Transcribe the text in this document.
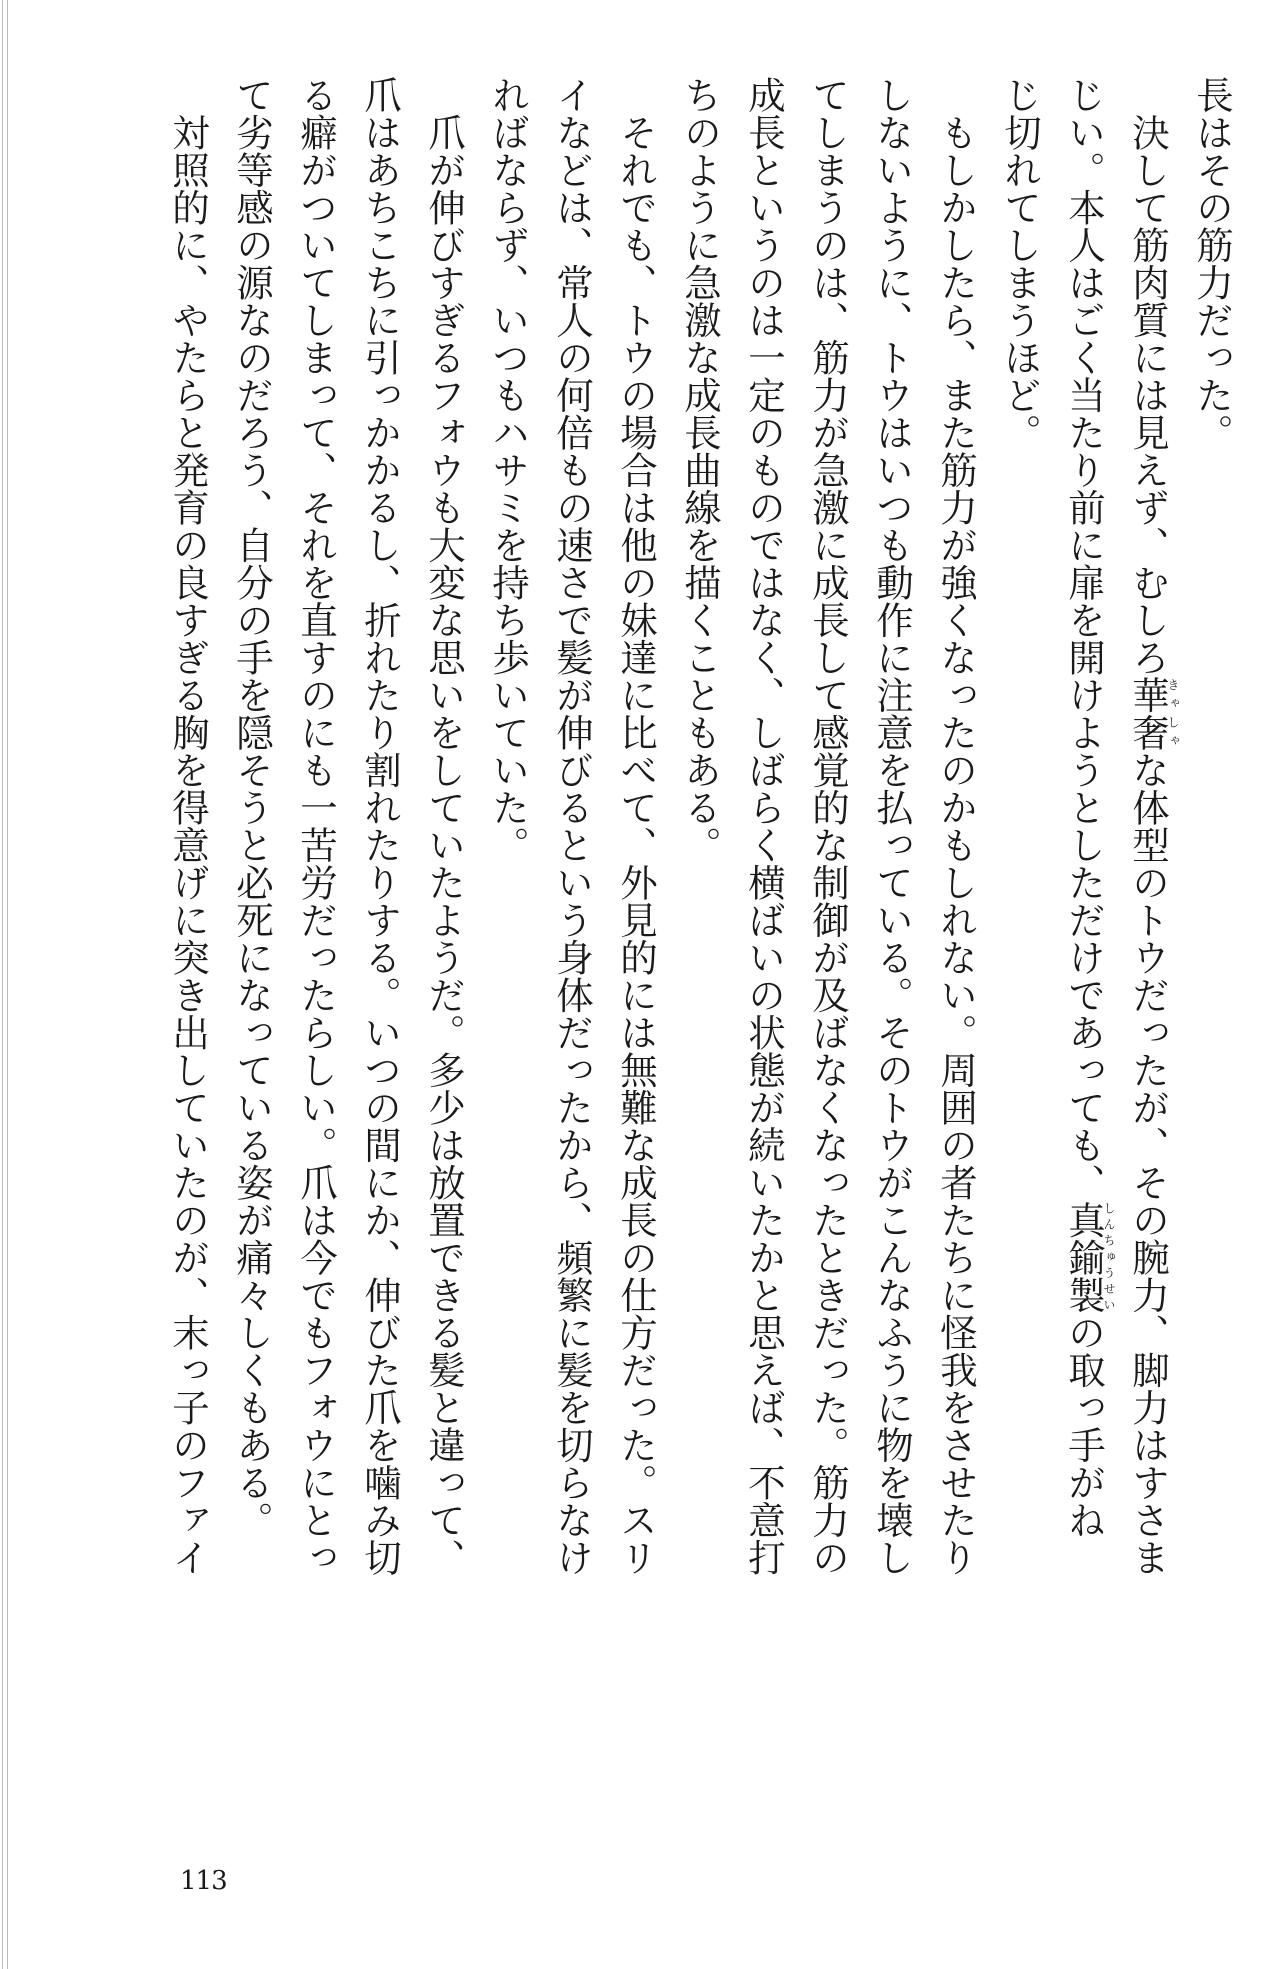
長はその筋力だった。
　決して筋肉質には見えず、むしろ華奢きゃしゃな体型のトウだったが、その腕力、脚力はすさま
じい。本人はごく当たり前に扉を開けようとしただけであっても、真鍮製しんちゅうせいの取っ手がね
じ切れてしまうほど。
　もしかしたら、また筋力が強くなったのかもしれない。周囲の者たちに怪我をさせたり
しないように、トウはいつも動作に注意を払っている。そのトウがこんなふうに物を壊し
てしまうのは、筋力が急激に成長して感覚的な制御が及ばなくなったときだった。筋力の
成長というのは一定のものではなく、しばらく横ばいの状態が続いたかと思えば、不意打
ちのように急激な成長曲線を描くこともある。
　それでも、トウの場合は他の妹達に比べて、外見的には無難な成長の仕方だった。スリ
イなどは、常人の何倍もの速さで髪が伸びるという身体だったから、頻繁に髪を切らなけ
ればならず、いつもハサミを持ち歩いていた。
　爪が伸びすぎるフォウも大変な思いをしていたようだ。多少は放置できる髪と違って、
爪はあちこちに引っかかるし、折れたり割れたりする。いつの間にか、伸びた爪を噛み切
る癖がついてしまって、それを直すのにも一苦労だったらしい。爪は今でもフォウにとっ
て劣等感の源なのだろう、自分の手を隠そうと必死になっている姿が痛々しくもある。
　対照的に、やたらと発育の良すぎる胸を得意げに突き出していたのが、末っ子のファイ
113
